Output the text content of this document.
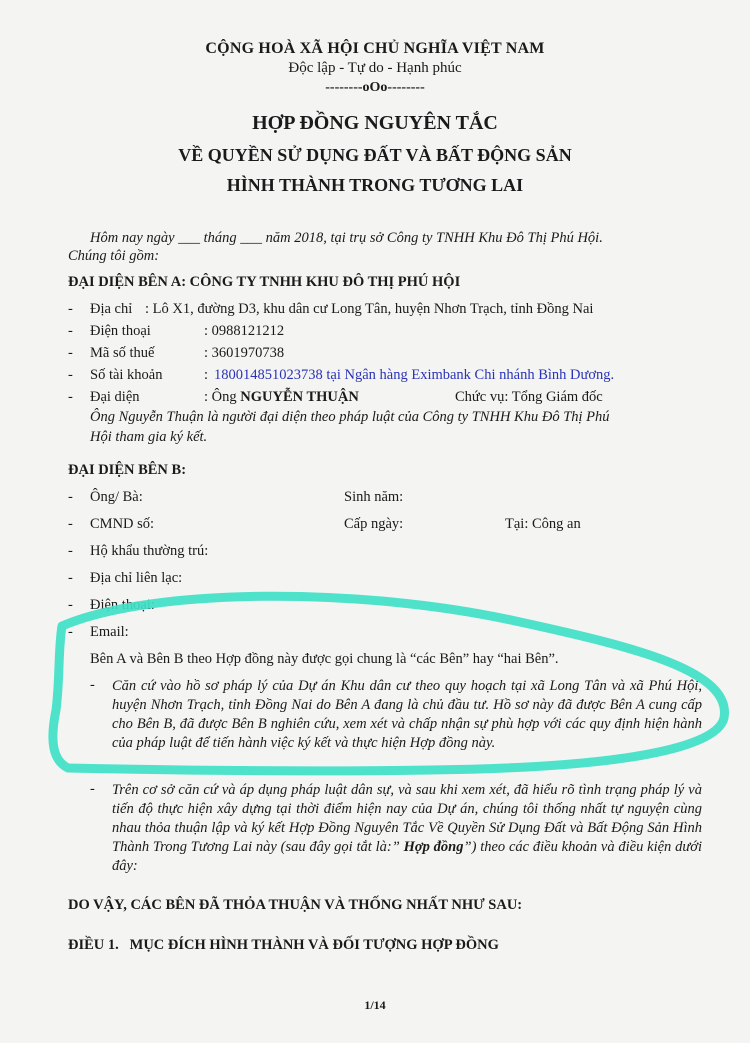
CỘNG HOÀ XÃ HỘI CHỦ NGHĨA VIỆT NAM
Độc lập - Tự do - Hạnh phúc
--------oOo--------
HỢP ĐỒNG NGUYÊN TẮC
VỀ QUYỀN SỬ DỤNG ĐẤT VÀ BẤT ĐỘNG SẢN
HÌNH THÀNH TRONG TƯƠNG LAI
Hôm nay ngày ___ tháng ___ năm 2018, tại trụ sở Công ty TNHH Khu Đô Thị Phú Hội.
Chúng tôi gồm:
ĐẠI DIỆN BÊN A: CÔNG TY TNHH KHU ĐÔ THỊ PHÚ HỘI
- Địa chỉ : Lô X1, đường D3, khu dân cư Long Tân, huyện Nhơn Trạch, tỉnh Đồng Nai
- Điện thoại	: 0988121212
- Mã số thuế	: 3601970738
- Số tài khoản	: 180014851023738 tại Ngân hàng Eximbank Chi nhánh Bình Dương.
- Đại diện	: Ông NGUYỄN THUẬN	Chức vụ: Tổng Giám đốc
Ông Nguyễn Thuận là người đại diện theo pháp luật của Công ty TNHH Khu Đô Thị Phú
Hội tham gia ký kết.
ĐẠI DIỆN BÊN B:
- Ông/ Bà:	Sinh năm:
- CMND số:	Cấp ngày:	Tại: Công an
- Hộ khẩu thường trú:
- Địa chỉ liên lạc:
- Điện thoại:
- Email:
Bên A và Bên B theo Hợp đồng này được gọi chung là “các Bên” hay “hai Bên”.
- Căn cứ vào hồ sơ pháp lý của Dự án Khu dân cư theo quy hoạch tại xã Long Tân và xã Phú Hội, huyện Nhơn Trạch, tỉnh Đồng Nai do Bên A đang là chủ đầu tư. Hồ sơ này đã được Bên A cung cấp cho Bên B, đã được Bên B nghiên cứu, xem xét và chấp nhận sự phù hợp với các quy định hiện hành của pháp luật để tiến hành việc ký kết và thực hiện Hợp đồng này.
- Trên cơ sở căn cứ và áp dụng pháp luật dân sự, và sau khi xem xét, đã hiểu rõ tình trạng pháp lý và tiến độ thực hiện xây dựng tại thời điểm hiện nay của Dự án, chúng tôi thống nhất tự nguyện cùng nhau thỏa thuận lập và ký kết Hợp Đồng Nguyên Tắc Về Quyền Sử Dụng Đất và Bất Động Sản Hình Thành Trong Tương Lai này (sau đây gọi tắt là:” Hợp đồng”) theo các điều khoản và điều kiện dưới đây:
DO VẬY, CÁC BÊN ĐÃ THỎA THUẬN VÀ THỐNG NHẤT NHƯ SAU:
ĐIỀU 1.   MỤC ĐÍCH HÌNH THÀNH VÀ ĐỐI TƯỢNG HỢP ĐỒNG
1/14
